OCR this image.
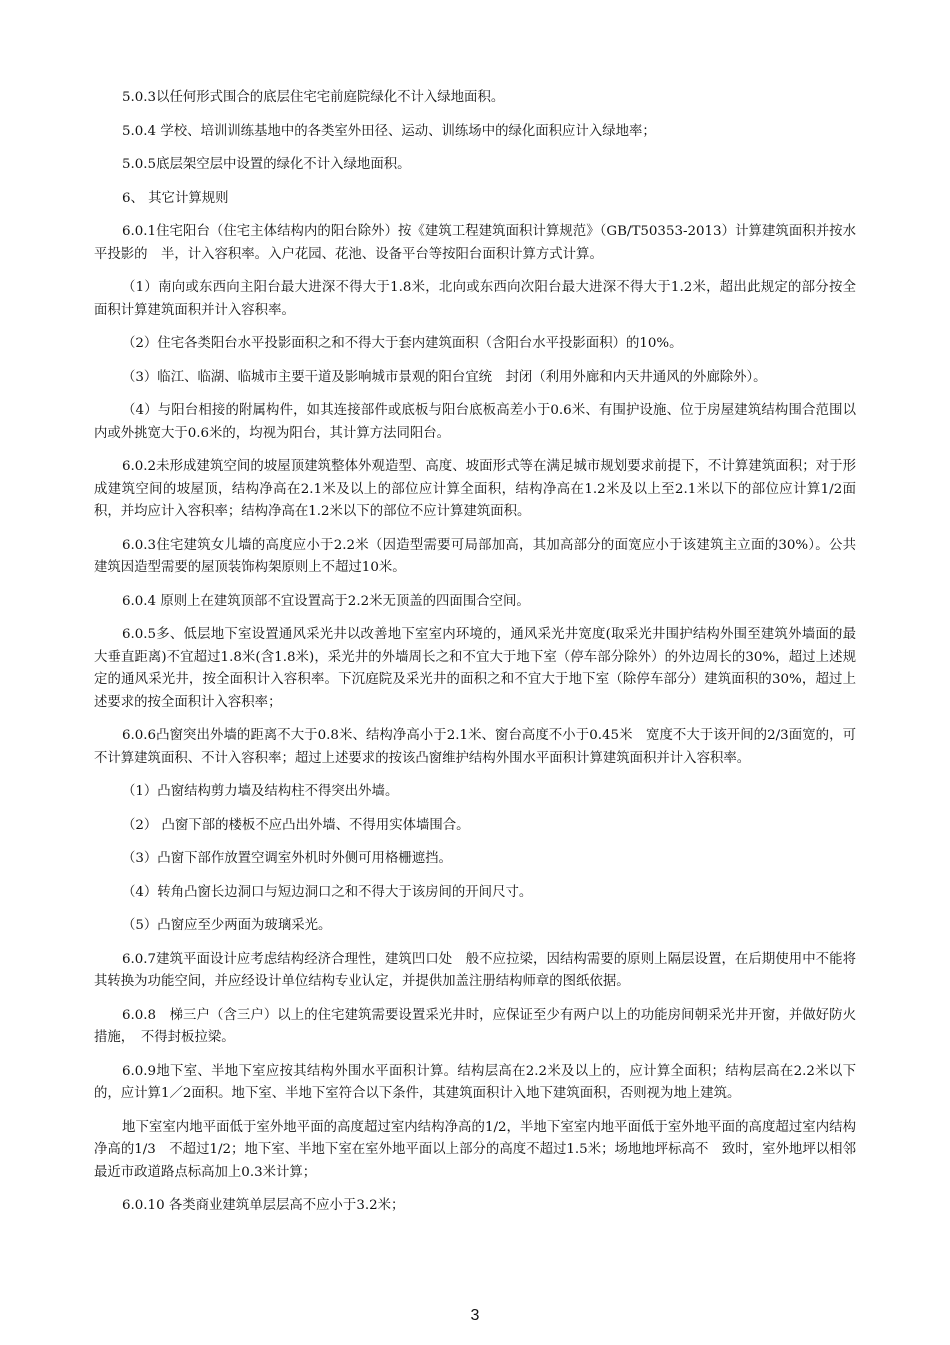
5.0.3以任何形式围合的底层住宅宅前庭院绿化不计入绿地面积。

5.0.4 学校、培训训练基地中的各类室外田径、运动、训练场中的绿化面积应计入绿地率；

5.0.5底层架空层中设置的绿化不计入绿地面积。

6、 其它计算规则

6.0.1住宅阳台（住宅主体结构内的阳台除外）按《建筑工程建筑面积计算规范》（GB/T50353-2013）计算建筑面积并按水平投影的　半，计入容积率。入户花园、花池、设备平台等按阳台面积计算方式计算。

（1）南向或东西向主阳台最大进深不得大于1.8米，北向或东西向次阳台最大进深不得大于1.2米，超出此规定的部分按全面积计算建筑面积并计入容积率。

（2）住宅各类阳台水平投影面积之和不得大于套内建筑面积（含阳台水平投影面积）的10%。

（3）临江、临湖、临城市主要干道及影响城市景观的阳台宜统　封闭（利用外廊和内天井通风的外廊除外）。

（4）与阳台相接的附属构件，如其连接部件或底板与阳台底板高差小于0.6米、有围护设施、位于房屋建筑结构围合范围以内或外挑宽大于0.6米的，均视为阳台，其计算方法同阳台。

6.0.2未形成建筑空间的坡屋顶建筑整体外观造型、高度、坡面形式等在满足城市规划要求前提下，不计算建筑面积；对于形成建筑空间的坡屋顶，结构净高在2.1米及以上的部位应计算全面积，结构净高在1.2米及以上至2.1米以下的部位应计算1/2面积，并均应计入容积率；结构净高在1.2米以下的部位不应计算建筑面积。

6.0.3住宅建筑女儿墙的高度应小于2.2米（因造型需要可局部加高，其加高部分的面宽应小于该建筑主立面的30%）。公共建筑因造型需要的屋顶装饰构架原则上不超过10米。

6.0.4 原则上在建筑顶部不宜设置高于2.2米无顶盖的四面围合空间。

6.0.5多、低层地下室设置通风采光井以改善地下室室内环境的，通风采光井宽度(取采光井围护结构外围至建筑外墙面的最大垂直距离)不宜超过1.8米(含1.8米)，采光井的外墙周长之和不宜大于地下室（停车部分除外）的外边周长的30%，超过上述规定的通风采光井，按全面积计入容积率。下沉庭院及采光井的面积之和不宜大于地下室（除停车部分）建筑面积的30%，超过上述要求的按全面积计入容积率；

6.0.6凸窗突出外墙的距离不大于0.8米、结构净高小于2.1米、窗台高度不小于0.45米　宽度不大于该开间的2/3面宽的，可不计算建筑面积、不计入容积率；超过上述要求的按该凸窗维护结构外围水平面积计算建筑面积并计入容积率。

（1）凸窗结构剪力墙及结构柱不得突出外墙。

（2） 凸窗下部的楼板不应凸出外墙、不得用实体墙围合。

（3）凸窗下部作放置空调室外机时外侧可用格栅遮挡。

（4）转角凸窗长边洞口与短边洞口之和不得大于该房间的开间尺寸。

（5）凸窗应至少两面为玻璃采光。

6.0.7建筑平面设计应考虑结构经济合理性，建筑凹口处　般不应拉梁，因结构需要的原则上隔层设置，在后期使用中不能将其转换为功能空间，并应经设计单位结构专业认定，并提供加盖注册结构师章的图纸依据。

6.0.8　梯三户（含三户）以上的住宅建筑需要设置采光井时，应保证至少有两户以上的功能房间朝采光井开窗，并做好防火措施，　不得封板拉梁。

6.0.9地下室、半地下室应按其结构外围水平面积计算。结构层高在2.2米及以上的，应计算全面积；结构层高在2.2米以下的，应计算1／2面积。地下室、半地下室符合以下条件，其建筑面积计入地下建筑面积，否则视为地上建筑。

地下室室内地平面低于室外地平面的高度超过室内结构净高的1/2，半地下室室内地平面低于室外地平面的高度超过室内结构净高的1/3　不超过1/2；地下室、半地下室在室外地平面以上部分的高度不超过1.5米；场地地坪标高不　致时，室外地坪以相邻最近市政道路点标高加上0.3米计算；

6.0.10 各类商业建筑单层层高不应小于3.2米；

3
